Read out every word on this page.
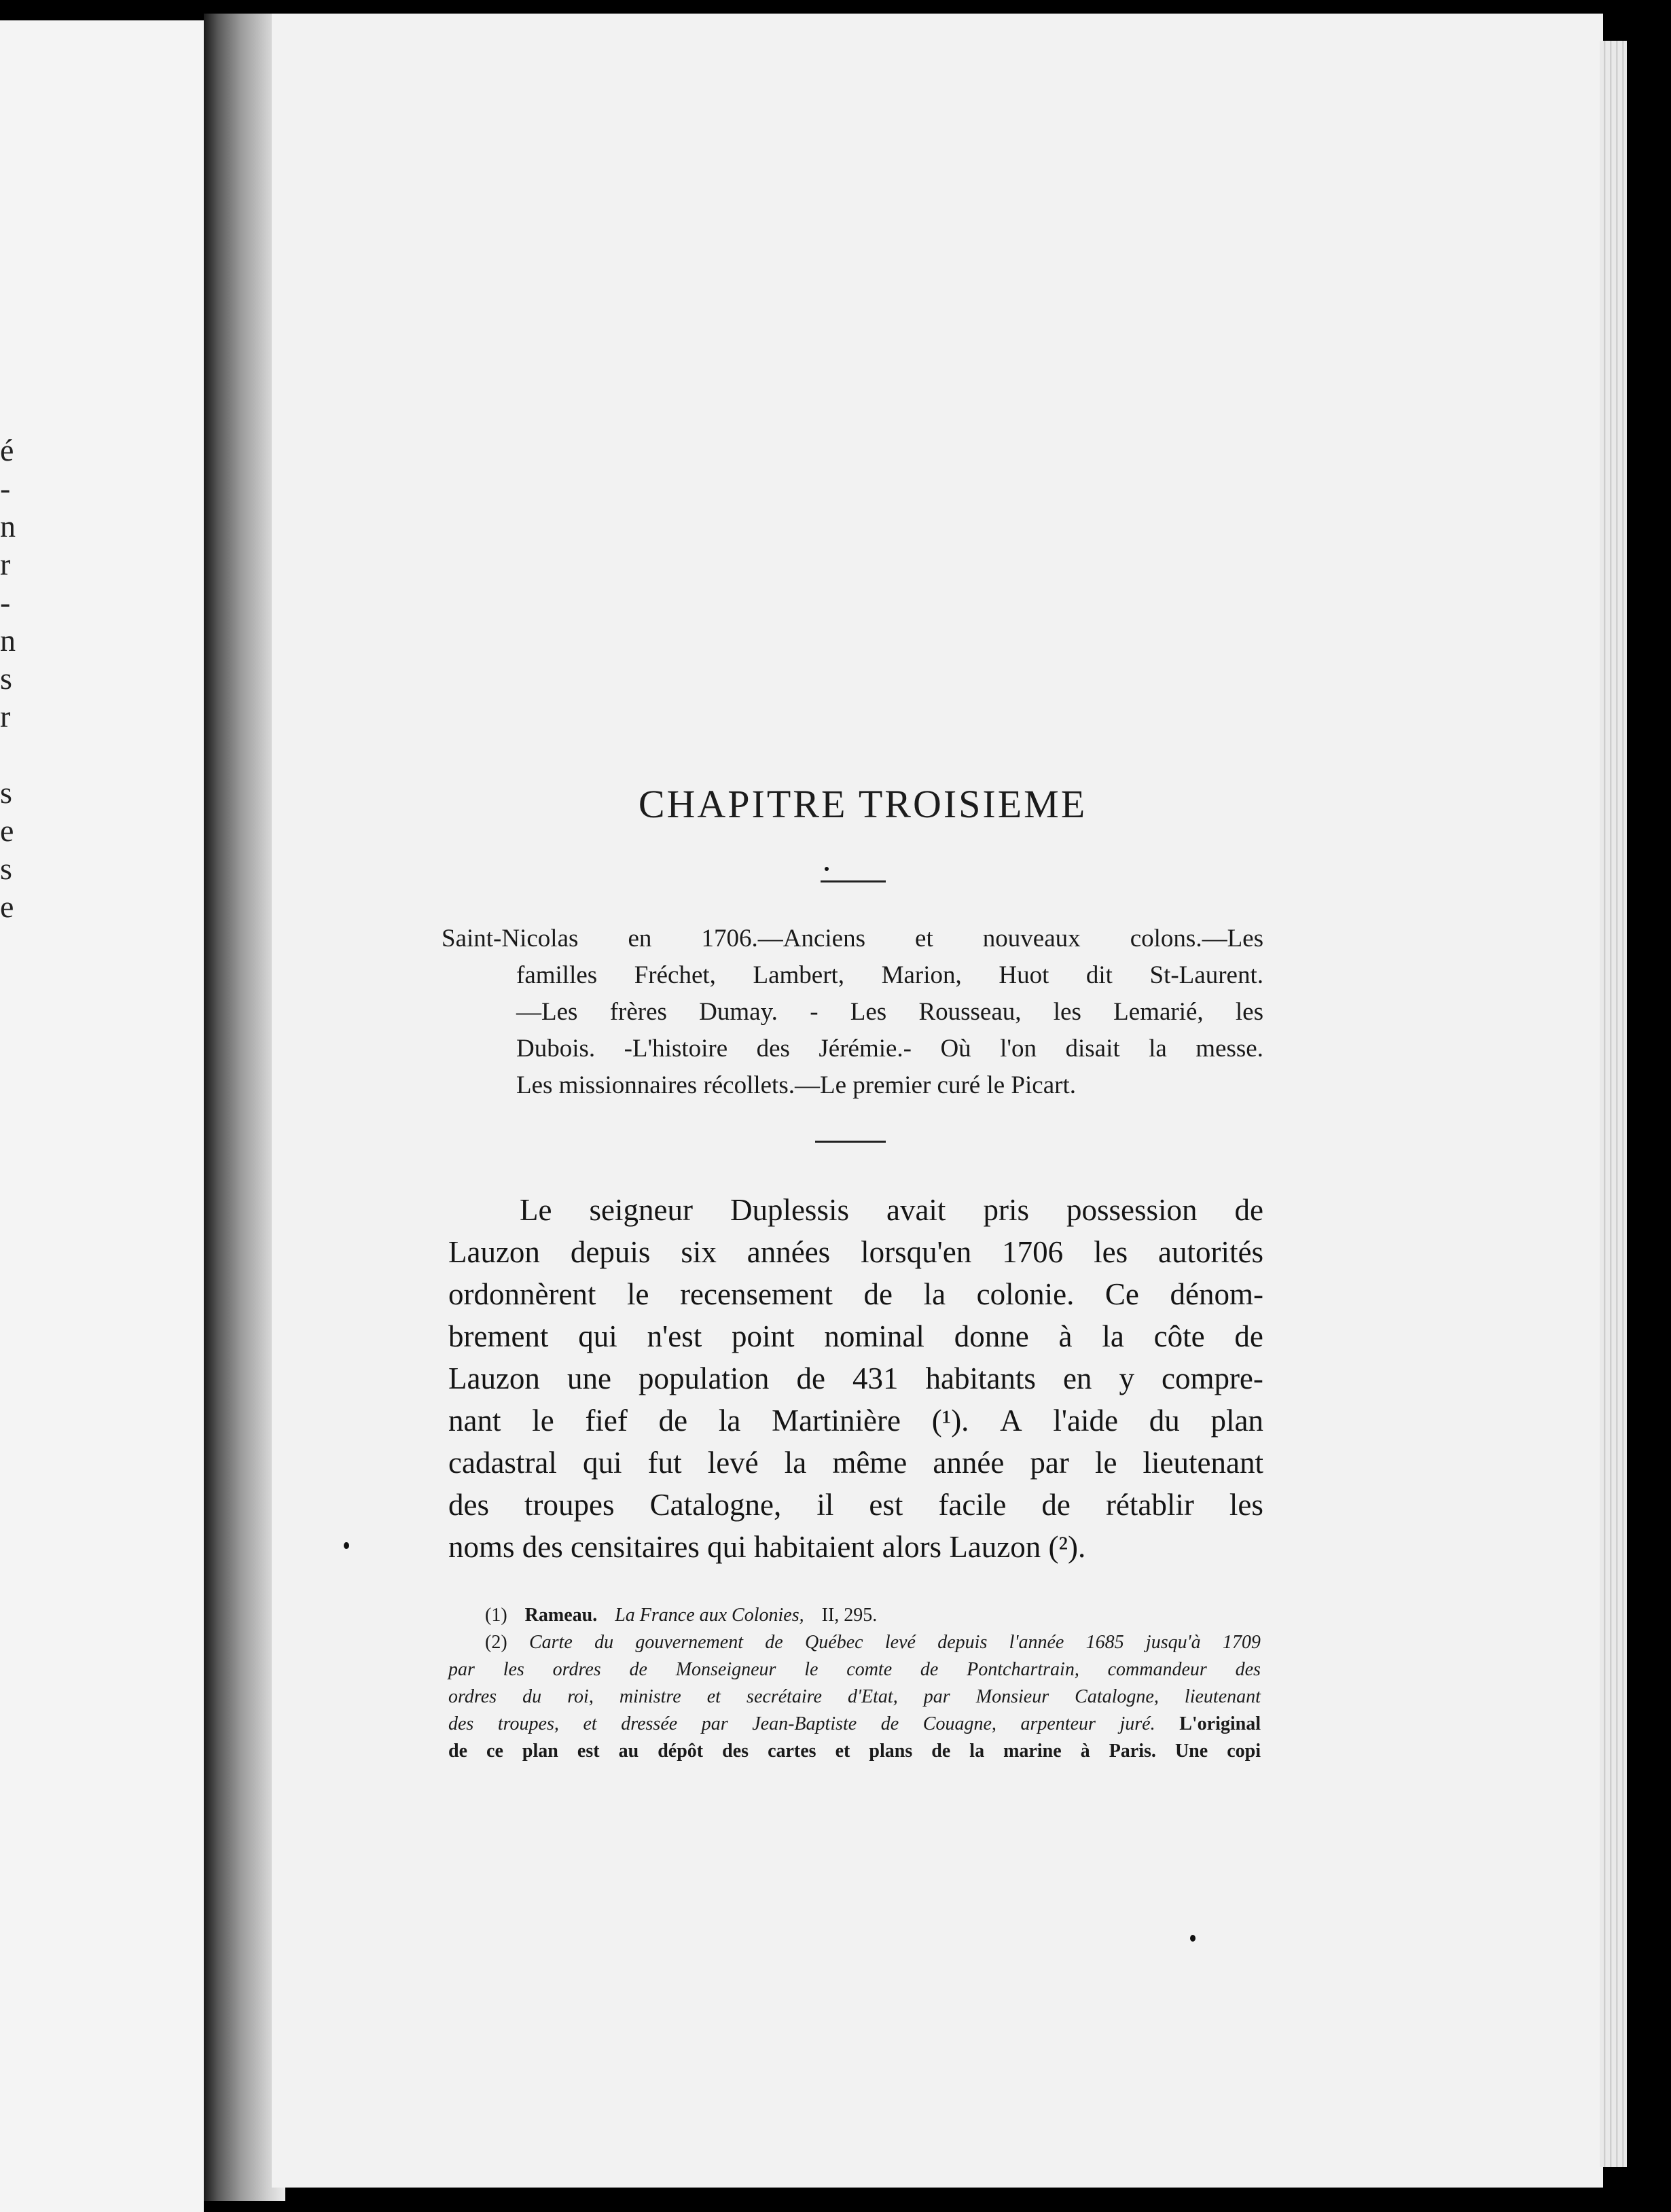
é
-
n
r
-
n
s
r
s
e
s
e
CHAPITRE TROISIEME
Saint-Nicolas en 1706.—Anciens et nouveaux colons.—Les
familles Fréchet, Lambert, Marion, Huot dit St-Laurent.
—Les frères Dumay. - Les Rousseau, les Lemarié, les
Dubois. -L'histoire des Jérémie.- Où l'on disait la messe.
Les missionnaires récollets.—Le premier curé le Picart.
Le seigneur Duplessis avait pris possession de
Lauzon depuis six années lorsqu'en 1706 les autorités
ordonnèrent le recensement de la colonie. Ce dénom-
brement qui n'est point nominal donne à la côte de
Lauzon une population de 431 habitants en y compre-
nant le fief de la Martinière (¹). A l'aide du plan
cadastral qui fut levé la même année par le lieutenant
des troupes Catalogne, il est facile de rétablir les
noms des censitaires qui habitaient alors Lauzon (²).
(1) Rameau. La France aux Colonies, II, 295.
(2) Carte du gouvernement de Québec levé depuis l'année 1685 jusqu'à 1709
par les ordres de Monseigneur le comte de Pontchartrain, commandeur des
ordres du roi, ministre et secrétaire d'Etat, par Monsieur Catalogne, lieutenant
des troupes, et dressée par Jean-Baptiste de Couagne, arpenteur juré. L'original
de ce plan est au dépôt des cartes et plans de la marine à Paris. Une copi
